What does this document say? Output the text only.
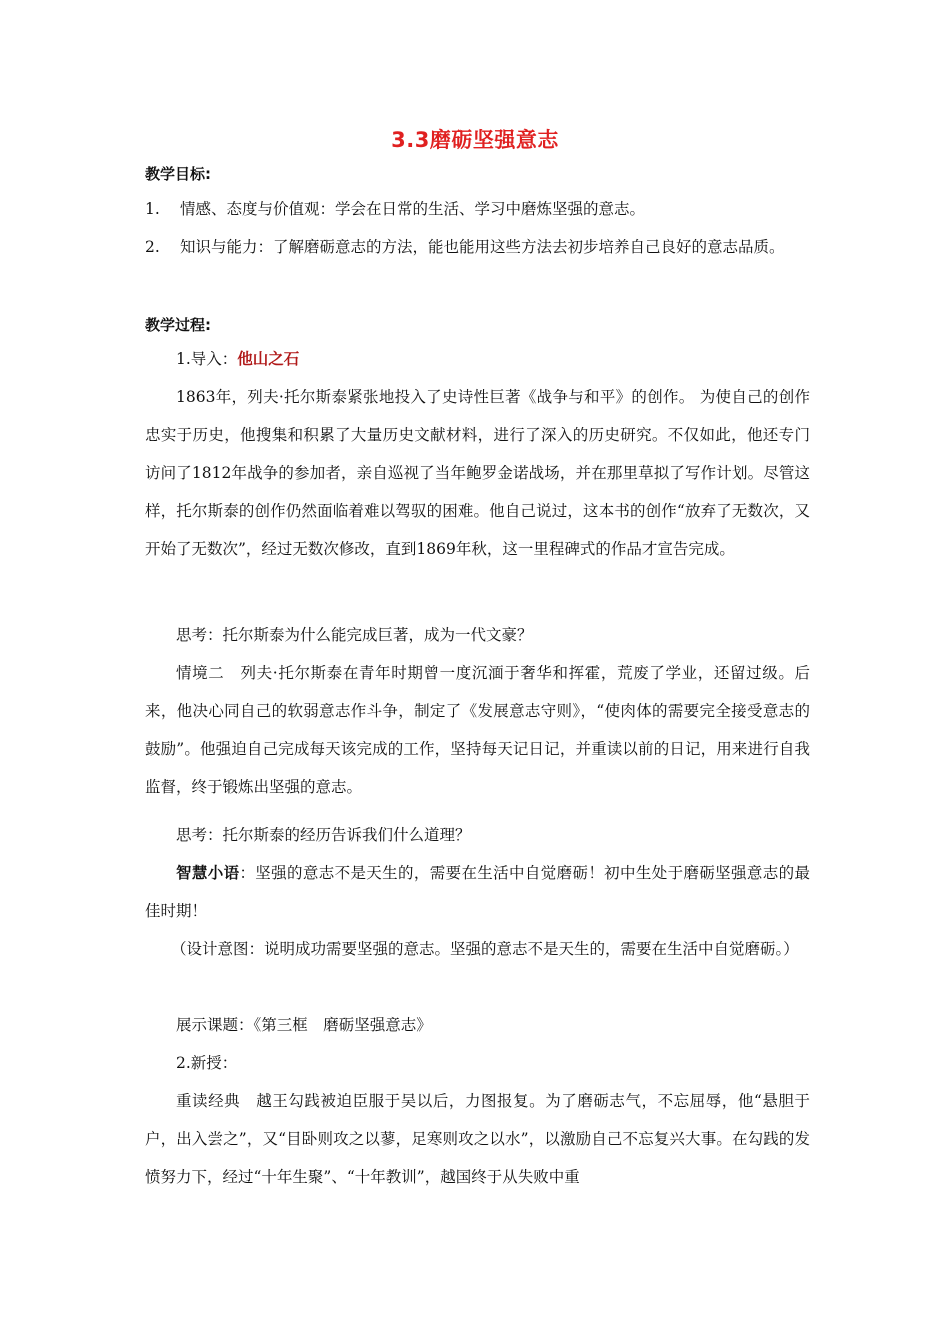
3.3磨砺坚强意志
教学目标:
1. 情感、态度与价值观：学会在日常的生活、学习中磨炼坚强的意志。
2. 知识与能力：了解磨砺意志的方法，能也能用这些方法去初步培养自己良好的意志品质。
教学过程:
1.导入：他山之石
1863年，列夫·托尔斯泰紧张地投入了史诗性巨著《战争与和平》的创作。 为使自己的创作忠实于历史，他搜集和积累了大量历史文献材料，进行了深入的历史研究。不仅如此，他还专门访问了1812年战争的参加者，亲自巡视了当年鲍罗金诺战场，并在那里草拟了写作计划。尽管这样，托尔斯泰的创作仍然面临着难以驾驭的困难。他自己说过，这本书的创作“放弃了无数次，又开始了无数次”，经过无数次修改，直到1869年秋，这一里程碑式的作品才宣告完成。
思考：托尔斯泰为什么能完成巨著，成为一代文豪？
情境二　列夫·托尔斯泰在青年时期曾一度沉湎于奢华和挥霍，荒废了学业，还留过级。后来，他决心同自己的软弱意志作斗争，制定了《发展意志守则》，“使肉体的需要完全接受意志的鼓励”。他强迫自己完成每天该完成的工作，坚持每天记日记，并重读以前的日记，用来进行自我监督，终于锻炼出坚强的意志。
思考：托尔斯泰的经历告诉我们什么道理？
智慧小语：坚强的意志不是天生的，需要在生活中自觉磨砺！初中生处于磨砺坚强意志的最佳时期！
（设计意图：说明成功需要坚强的意志。坚强的意志不是天生的，需要在生活中自觉磨砺。）
展示课题：《第三框　磨砺坚强意志》
2.新授：
重读经典　越王勾践被迫臣服于吴以后，力图报复。为了磨砺志气，不忘屈辱，他“悬胆于户，出入尝之”，又“目卧则攻之以蓼，足寒则攻之以水”，以激励自己不忘复兴大事。在勾践的发愤努力下，经过“十年生聚”、“十年教训”，越国终于从失败中重
